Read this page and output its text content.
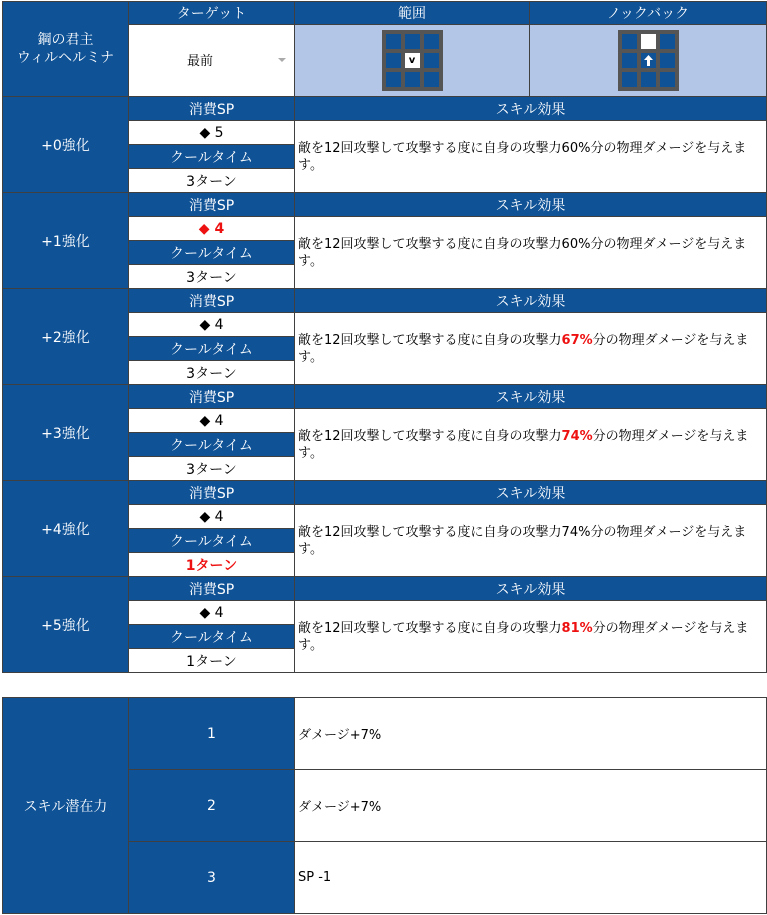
鋼の君主
ウィルヘルミナ	ターゲット	範囲	ノックバック

	最前	v

+0強化	消費SP	スキル効果	
	◆ 5	敵を12回攻撃して攻撃する度に自身の攻撃力60%分の物理ダメージを与えます。	
	クールタイム		
	3ターン		
+1強化	消費SP	スキル効果	
	◆ 4	敵を12回攻撃して攻撃する度に自身の攻撃力60%分の物理ダメージを与えます。	
	クールタイム		
	3ターン		
+2強化	消費SP	スキル効果	
	◆ 4	敵を12回攻撃して攻撃する度に自身の攻撃力67%分の物理ダメージを与えます。	
	クールタイム		
	3ターン		
+3強化	消費SP	スキル効果	
	◆ 4	敵を12回攻撃して攻撃する度に自身の攻撃力74%分の物理ダメージを与えます。	
	クールタイム		
	3ターン		
+4強化	消費SP	スキル効果	
	◆ 4	敵を12回攻撃して攻撃する度に自身の攻撃力74%分の物理ダメージを与えます。	
	クールタイム		
	1ターン		
+5強化	消費SP	スキル効果	
	◆ 4	敵を12回攻撃して攻撃する度に自身の攻撃力81%分の物理ダメージを与えます。	
	クールタイム		
	1ターン		
スキル潜在力	1	ダメージ+7%
	2	ダメージ+7%
	3	SP -1
